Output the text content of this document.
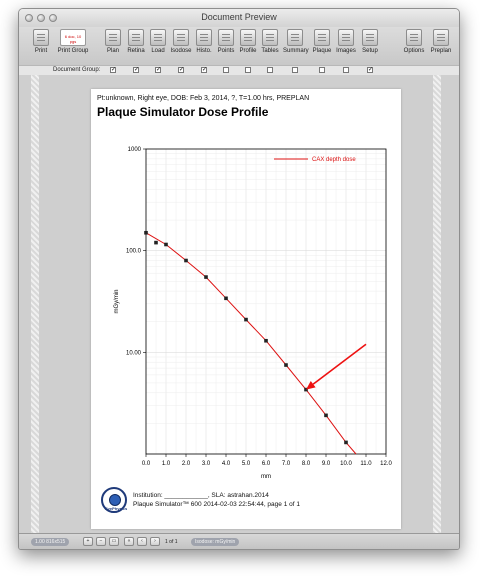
Document Preview
Print
6 doc, 10 pgs
Print Group	Plan	Retina	Load Isodose Histo. Points Profile Tables Summary Plaque Images	Setup	Options Preplan
Document Group: ✓	✓	✓	✓	✓	✓
Pt:unknown, Right eye, DOB: Feb 3, 2014, ?, T=1.00 hrs, PREPLAN
Plaque Simulator Dose Profile
0.0 1.0 2.0 3.0 4.0 5.0 6.0 7.0 8.0 9.0 10.0 11.0 12.0
1000
100.0
10.00
CAX depth dose
mm
mGy/min
EyePhysics
Institution: ____________, SLA: astrahan.2014
Plaque Simulator™ 600 2014-02-03 22:54:44, page 1 of 1
1.00 816x515	+	−	▭	«	‹	›	1 of 1	Isodose: mGy/min
